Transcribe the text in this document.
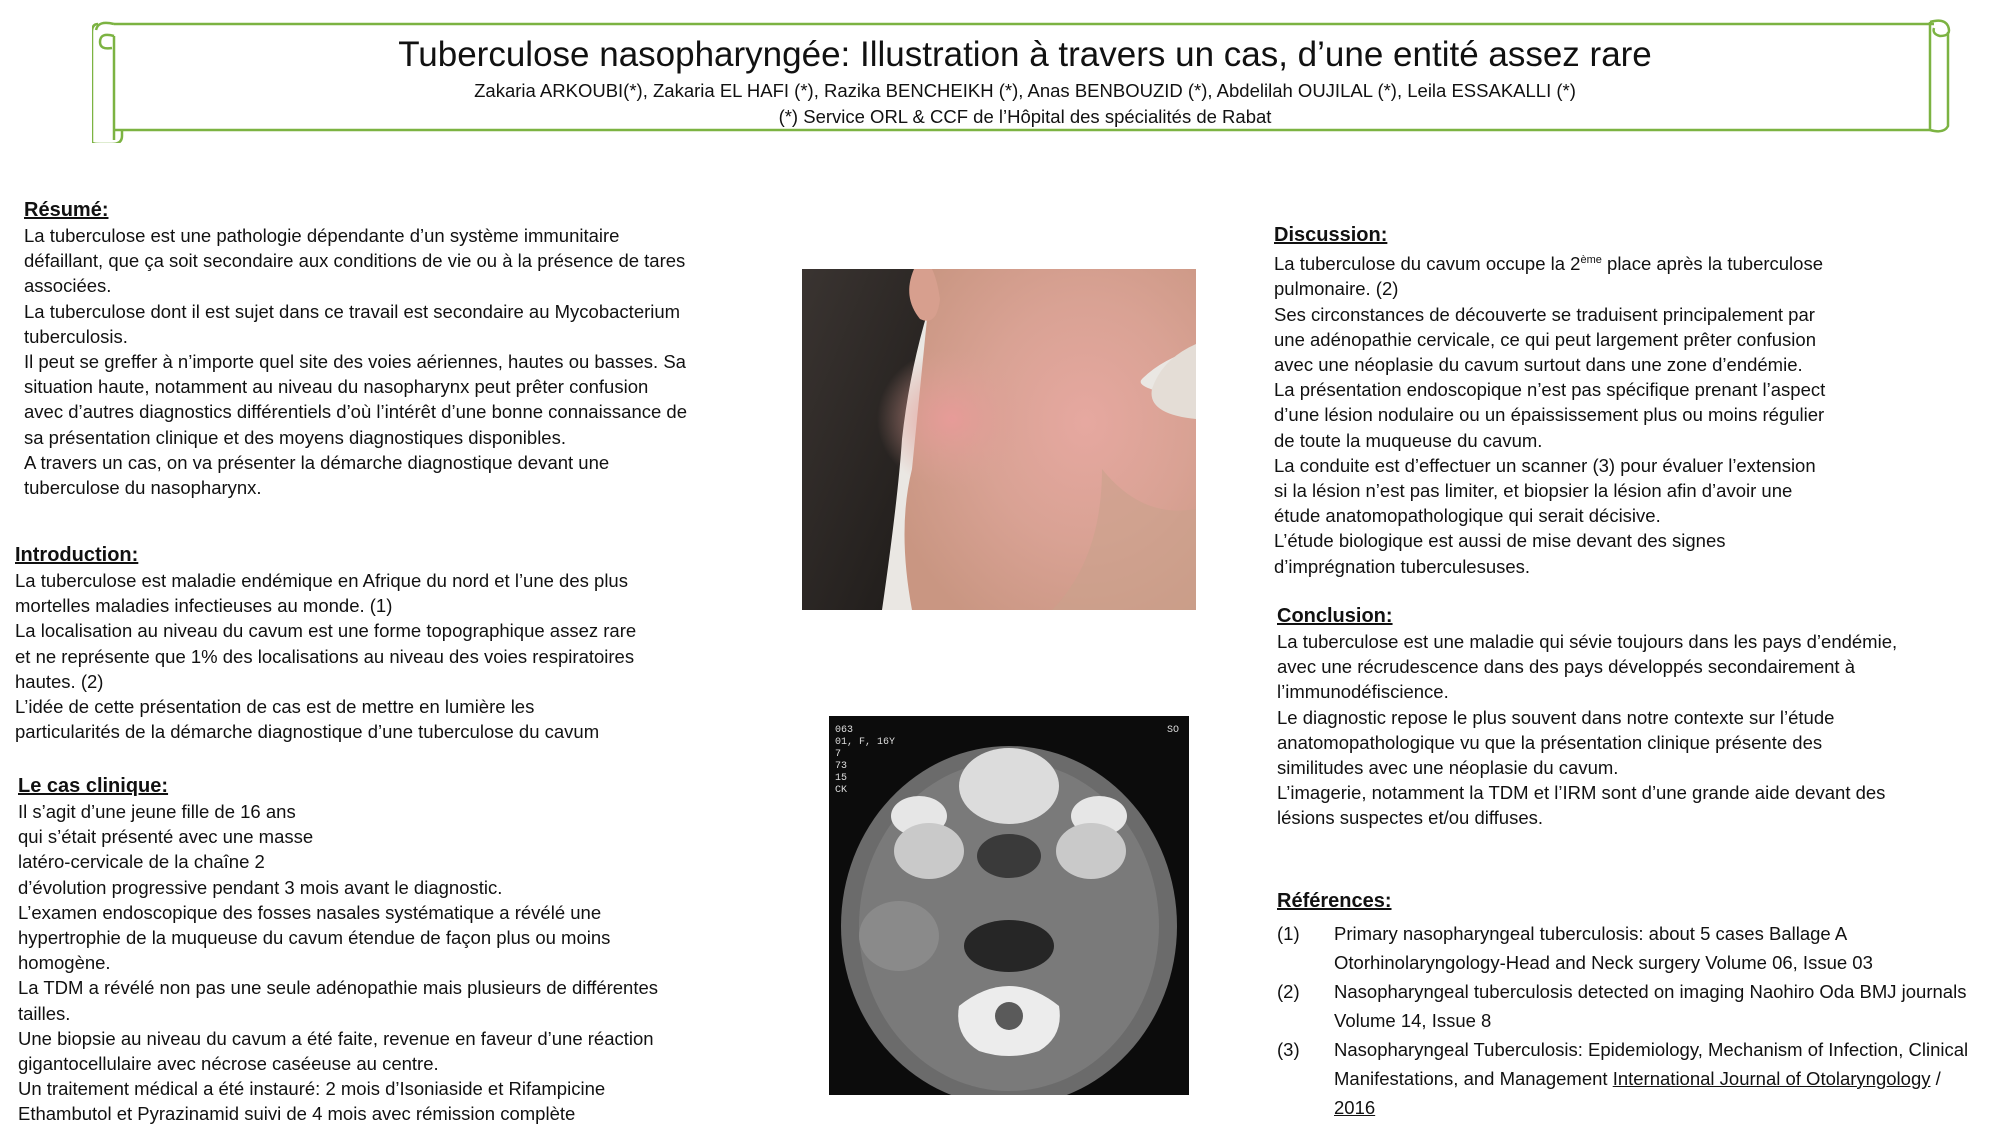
Tuberculose nasopharyngée: Illustration à travers un cas, d’une entité assez rare
Zakaria ARKOUBI(*), Zakaria EL HAFI (*), Razika BENCHEIKH (*), Anas BENBOUZID (*), Abdelilah OUJILAL (*), Leila ESSAKALLI (*)
(*) Service ORL & CCF de l’Hôpital des spécialités de Rabat
Résumé:

La tuberculose est une pathologie dépendante d’un système immunitaire
défaillant, que ça soit secondaire aux conditions de vie ou à la présence de tares
associées.
La tuberculose dont il est sujet dans ce travail est secondaire au Mycobacterium
tuberculosis.
Il peut se greffer à n’importe quel site des voies aériennes, hautes ou basses. Sa
situation haute, notamment au niveau du nasopharynx peut prêter confusion
avec d’autres diagnostics différentiels d’où l’intérêt d’une bonne connaissance de
sa présentation clinique et des moyens diagnostiques disponibles.
A travers un cas, on va présenter la démarche diagnostique devant une
tuberculose du nasopharynx.

Introduction:

La tuberculose est maladie endémique en Afrique du nord et l’une des plus
mortelles maladies infectieuses au monde. (1)
La localisation au niveau du cavum est une forme topographique assez rare
et ne représente que 1% des localisations au niveau des voies respiratoires
hautes. (2)
L’idée de cette présentation de cas est de mettre en lumière les
particularités de la démarche diagnostique d’une tuberculose du cavum

Le cas clinique:

Il s’agit d’une jeune fille de 16 ans
qui s’était présenté avec une masse
latéro-cervicale de la chaîne 2
d’évolution progressive pendant 3 mois avant le diagnostic.
L’examen endoscopique des fosses nasales systématique a révélé une
hypertrophie de la muqueuse du cavum étendue de façon plus ou moins
homogène.
La TDM a révélé non pas une seule adénopathie mais plusieurs de différentes
tailles.
Une biopsie au niveau du cavum a été faite, revenue en faveur d’une réaction
gigantocellulaire avec nécrose caséeuse au centre.
Un traitement médical a été instauré: 2 mois d’Isoniaside et Rifampicine
Ethambutol et Pyrazinamid suivi de 4 mois avec rémission complète

063
01, F, 16Y
7
73
15
CK
SO
Discussion:

La tuberculose du cavum occupe la 2ème place après la tuberculose

pulmonaire. (2)
Ses circonstances de découverte se traduisent principalement par
une adénopathie cervicale, ce qui peut largement prêter confusion
avec une néoplasie du cavum surtout dans une zone d’endémie.
La présentation endoscopique n’est pas spécifique prenant l’aspect
d’une lésion nodulaire ou un épaississement plus ou moins régulier
de toute la muqueuse du cavum.
La conduite est d’effectuer un scanner (3) pour évaluer l’extension
si la lésion n’est pas limiter, et biopsier la lésion afin d’avoir une
étude anatomopathologique qui serait décisive.
L’étude biologique est aussi de mise devant des signes
d’imprégnation tuberculesuses.

Conclusion:

La tuberculose est une maladie qui sévie toujours dans les pays d’endémie,
avec une récrudescence dans des pays développés secondairement à
l’immunodéfiscience.
Le diagnostic repose le plus souvent dans notre contexte sur l’étude
anatomopathologique vu que la présentation clinique présente des
similitudes avec une néoplasie du cavum.
L’imagerie, notamment la TDM et l’IRM sont d’une grande aide devant des
lésions suspectes et/ou diffuses.

Références:
(1)	Primary nasopharyngeal tuberculosis: about 5 cases Ballage A Otorhinolaryngology-Head and Neck surgery Volume 06, Issue 03
(2)	Nasopharyngeal tuberculosis detected on imaging Naohiro Oda BMJ journals Volume 14, Issue 8
(3)	Nasopharyngeal Tuberculosis: Epidemiology, Mechanism of Infection, Clinical Manifestations, and Management International Journal of Otolaryngology / 2016
